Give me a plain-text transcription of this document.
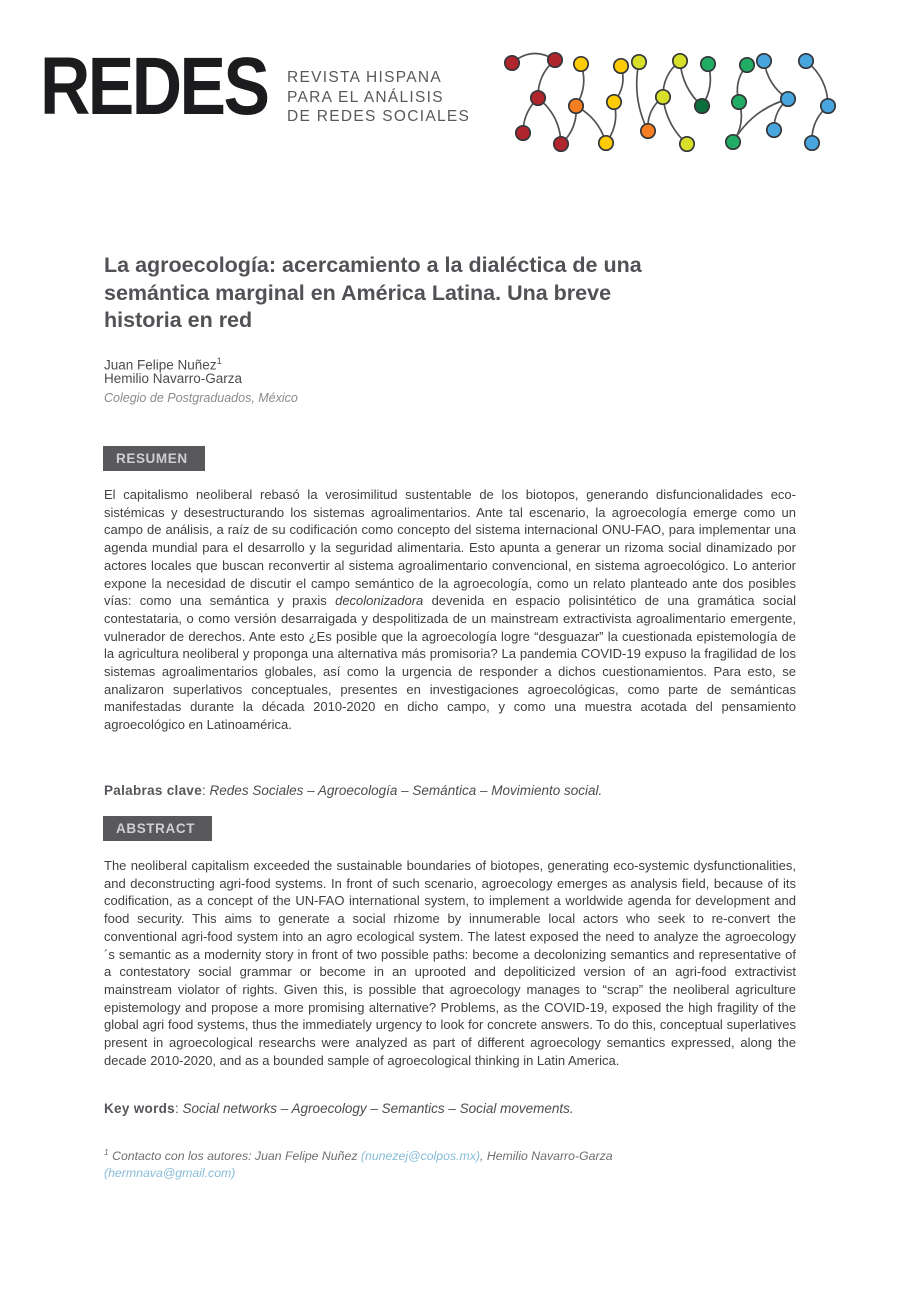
REDES REVISTA HISPANA
PARA EL ANÁLISIS
DE REDES SOCIALES
La agroecología: acercamiento a la dialéctica de una
semántica marginal en América Latina. Una breve
historia en red
Juan Felipe Nuñez$^1$
Hemilio Navarro-Garza
Colegio de Postgraduados, México
RESUMEN

El capitalismo neoliberal rebasó la verosimilitud sustentable de los biotopos, generando disfuncionalidades eco-sistémicas y desestructurando los sistemas agroalimentarios. Ante tal escenario, la agroecología emerge como un campo de análisis, a raíz de su codificación como concepto del sistema internacional ONU-FAO, para implementar una agenda mundial para el desarrollo y la seguridad alimentaria. Esto apunta a generar un rizoma social dinamizado por actores locales que buscan reconvertir al sistema agroalimentario convencional, en sistema agroecológico. Lo anterior expone la necesidad de discutir el campo semántico de la agroecología, como un relato planteado ante dos posibles vías: como una semántica y praxis decolonizadora devenida en espacio polisintético de una gramática social contestataria, o como versión desarraigada y despolitizada de un mainstream extractivista agroalimentario emergente, vulnerador de derechos. Ante esto ¿Es posible que la agroecología logre “desguazar” la cuestionada epistemología de la agricultura neoliberal y proponga una alternativa más promisoria? La pandemia COVID-19 expuso la fragilidad de los sistemas agroalimentarios globales, así como la urgencia de responder a dichos cuestionamientos. Para esto, se analizaron superlativos conceptuales, presentes en investigaciones agroecológicas, como parte de semánticas manifestadas durante la década 2010-2020 en dicho campo, y como una muestra acotada del pensamiento agroecológico en Latinoamérica.

Palabras clave: Redes Sociales – Agroecología – Semántica – Movimiento social.

ABSTRACT

The neoliberal capitalism exceeded the sustainable boundaries of biotopes, generating eco-systemic dysfunctionalities, and deconstructing agri-food systems. In front of such scenario, agroecology emerges as analysis field, because of its codification, as a concept of the UN-FAO international system, to implement a worldwide agenda for development and food security. This aims to generate a social rhizome by innumerable local actors who seek to re-convert the conventional agri-food system into an agro ecological system. The latest exposed the need to analyze the agroecology´s semantic as a modernity story in front of two possible paths: become a decolonizing semantics and representative of a contestatory social grammar or become in an uprooted and depoliticized version of an agri-food extractivist mainstream violator of rights. Given this, is possible that agroecology manages to “scrap” the neoliberal agriculture epistemology and propose a more promising alternative? Problems, as the COVID-19, exposed the high fragility of the global agri food systems, thus the immediately urgency to look for concrete answers. To do this, conceptual superlatives present in agroecological researchs were analyzed as part of different agroecology semantics expressed, along the decade 2010-2020, and as a bounded sample of agroecological thinking in Latin America.

Key words: Social networks – Agroecology – Semantics – Social movements.

$^1$ Contacto con los autores: Juan Felipe Nuñez (nunezej@colpos.mx), Hemilio Navarro-Garza
(hermnava@gmail.com)
